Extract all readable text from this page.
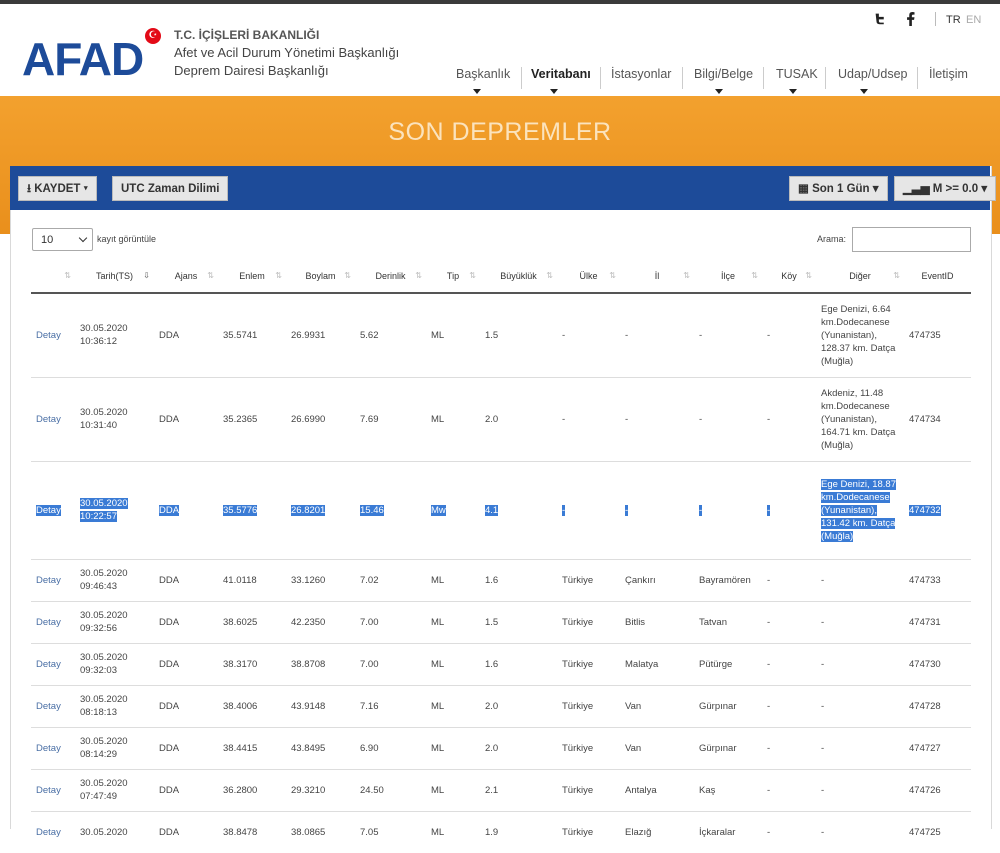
AFAD ☪ T.C. İÇİŞLERİ BAKANLIĞI
Afet ve Acil Durum Yönetimi Başkanlığı
Deprem Dairesi Başkanlığı
TR EN
Başkanlık Veritabanı İstasyonlar Bilgi/Belge TUSAK Udap/Udsep İletişim
SON DEPREMLER
⭳ KAYDET ▾	UTC Zaman Dilimi	▦ Son 1 Gün ▾	▁▃▅ M >= 0.0 ▾
10	kayıt görüntüle	Arama:
⇅	Tarih(TS) ⇩	Ajans ⇅	Enlem ⇅	Boylam ⇅	Derinlik ⇅	Tip ⇅	Büyüklük ⇅	Ülke ⇅	İl ⇅	İlçe ⇅	Köy ⇅	Diğer ⇅	EventID
Detay	30.05.2020
10:36:12	DDA	35.5741	26.9931	5.62	ML	1.5	-	-	-	-	Ege Denizi, 6.64 km.Dodecanese (Yunanistan), 128.37 km. Datça (Muğla)	474735
Detay	30.05.2020
10:31:40	DDA	35.2365	26.6990	7.69	ML	2.0	-	-	-	-	Akdeniz, 11.48 km.Dodecanese (Yunanistan), 164.71 km. Datça (Muğla)	474734
Detay	30.05.2020
10:22:57	DDA	35.5776	26.8201	15.46	Mw	4.1	-	-	-	-	Ege Denizi, 18.87 km.Dodecanese (Yunanistan), 131.42 km. Datça (Muğla)	474732
Detay	30.05.2020
09:46:43	DDA	41.0118	33.1260	7.02	ML	1.6	Türkiye	Çankırı	Bayramören	-	-	474733
Detay	30.05.2020
09:32:56	DDA	38.6025	42.2350	7.00	ML	1.5	Türkiye	Bitlis	Tatvan	-	-	474731
Detay	30.05.2020
09:32:03	DDA	38.3170	38.8708	7.00	ML	1.6	Türkiye	Malatya	Pütürge	-	-	474730
Detay	30.05.2020
08:18:13	DDA	38.4006	43.9148	7.16	ML	2.0	Türkiye	Van	Gürpınar	-	-	474728
Detay	30.05.2020
08:14:29	DDA	38.4415	43.8495	6.90	ML	2.0	Türkiye	Van	Gürpınar	-	-	474727
Detay	30.05.2020
07:47:49	DDA	36.2800	29.3210	24.50	ML	2.1	Türkiye	Antalya	Kaş	-	-	474726
Detay	30.05.2020	DDA	38.8478	38.0865	7.05	ML	1.9	Türkiye	Elazığ	İçkaralar	-	-	474725
